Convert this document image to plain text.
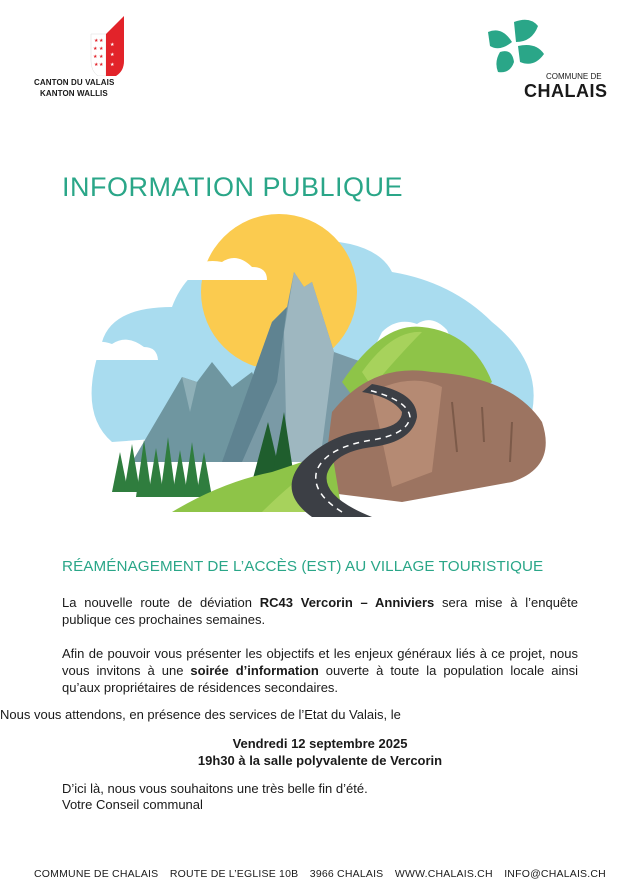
★ ★
★ ★
★ ★
★ ★
★
★
★
CANTON DU VALAIS
KANTON WALLIS
COMMUNE DE
CHALAIS
INFORMATION PUBLIQUE
RÉAMÉNAGEMENT DE L’ACCÈS (EST) AU VILLAGE TOURISTIQUE
La nouvelle route de déviation RC43 Vercorin – Anniviers sera mise à l’enquête publique ces prochaines semaines.
Afin de pouvoir vous présenter les objectifs et les enjeux généraux liés à ce projet, nous vous invitons à une soirée d’information ouverte à toute la population locale ainsi qu’aux propriétaires de résidences secondaires.
Nous vous attendons, en présence des services de l’Etat du Valais, le
Vendredi 12 septembre 2025
19h30 à la salle polyvalente de Vercorin
D’ici là, nous vous souhaitons une très belle fin d’été.
Votre Conseil communal
COMMUNE DE CHALAIS ROUTE DE L’EGLISE 10B 3966 CHALAIS WWW.CHALAIS.CH INFO@CHALAIS.CH
